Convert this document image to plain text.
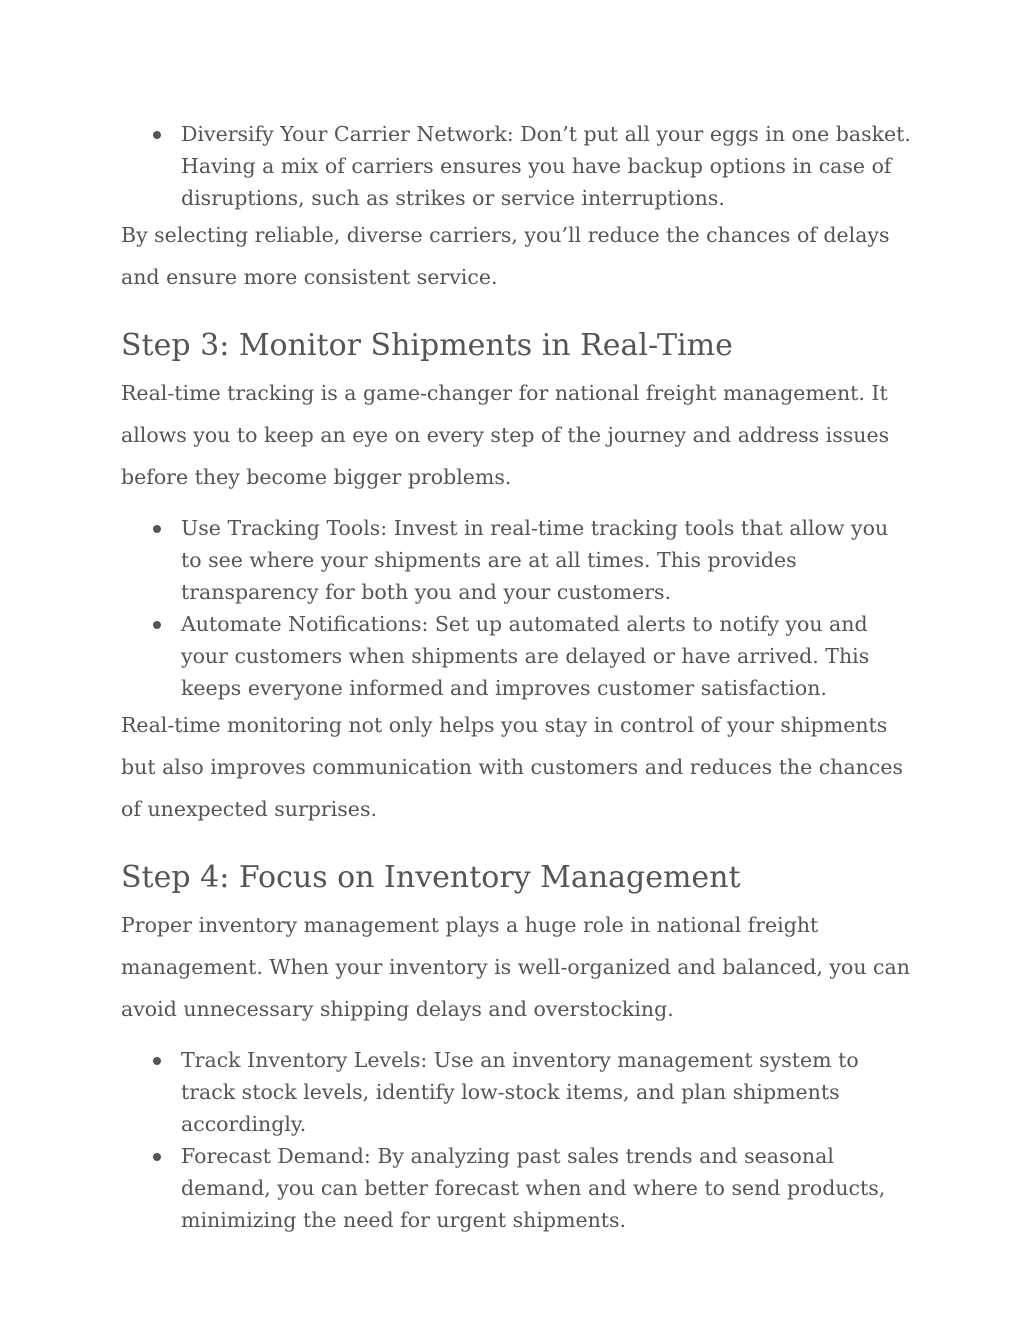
Diversify Your Carrier Network: Don’t put all your eggs in one basket. Having a mix of carriers ensures you have backup options in case of disruptions, such as strikes or service interruptions.

By selecting reliable, diverse carriers, you’ll reduce the chances of delays and ensure more consistent service.

Step 3: Monitor Shipments in Real-Time

Real-time tracking is a game-changer for national freight management. It allows you to keep an eye on every step of the journey and address issues before they become bigger problems.

Use Tracking Tools: Invest in real-time tracking tools that allow you to see where your shipments are at all times. This provides transparency for both you and your customers.
Automate Notifications: Set up automated alerts to notify you and your customers when shipments are delayed or have arrived. This keeps everyone informed and improves customer satisfaction.

Real-time monitoring not only helps you stay in control of your shipments but also improves communication with customers and reduces the chances of unexpected surprises.

Step 4: Focus on Inventory Management

Proper inventory management plays a huge role in national freight management. When your inventory is well-organized and balanced, you can avoid unnecessary shipping delays and overstocking.

Track Inventory Levels: Use an inventory management system to track stock levels, identify low-stock items, and plan shipments accordingly.
Forecast Demand: By analyzing past sales trends and seasonal demand, you can better forecast when and where to send products, minimizing the need for urgent shipments.
